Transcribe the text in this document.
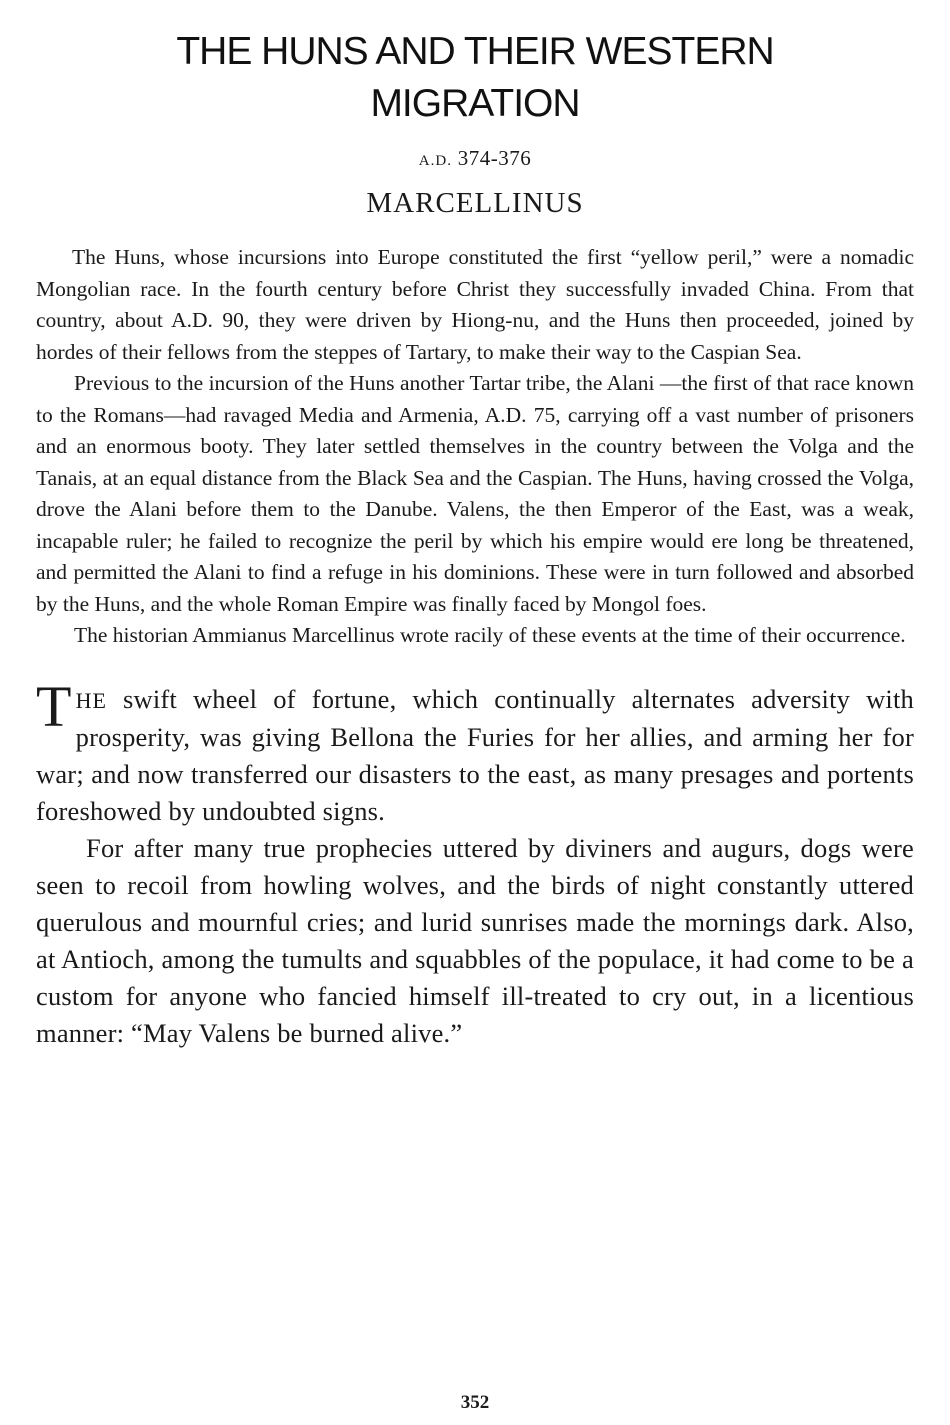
THE HUNS AND THEIR WESTERN
MIGRATION
A.D. 374-376
MARCELLINUS

The Huns, whose incursions into Europe constituted the first “yellow peril,” were a nomadic Mongolian race. In the fourth century before Christ they successfully invaded China. From that country, about A.D. 90, they were driven by Hiong-nu, and the Huns then proceeded, joined by hordes of their fellows from the steppes of Tartary, to make their way to the Caspian Sea.

Previous to the incursion of the Huns another Tartar tribe, the Alani —the first of that race known to the Romans—had ravaged Media and Armenia, A.D. 75, carrying off a vast number of prisoners and an enormous booty. They later settled themselves in the country between the Volga and the Tanais, at an equal distance from the Black Sea and the Caspian. The Huns, having crossed the Volga, drove the Alani before them to the Danube. Valens, the then Emperor of the East, was a weak, incapable ruler; he failed to recognize the peril by which his empire would ere long be threatened, and permitted the Alani to find a refuge in his dominions. These were in turn followed and absorbed by the Huns, and the whole Roman Empire was finally faced by Mongol foes.

The historian Ammianus Marcellinus wrote racily of these events at the time of their occurrence.

THE swift wheel of fortune, which continually alternates adversity with prosperity, was giving Bellona the Furies for her allies, and arming her for war; and now transferred our disasters to the east, as many presages and portents foreshowed by undoubted signs.

For after many true prophecies uttered by diviners and augurs, dogs were seen to recoil from howling wolves, and the birds of night constantly uttered querulous and mournful cries; and lurid sunrises made the mornings dark. Also, at Antioch, among the tumults and squabbles of the populace, it had come to be a custom for anyone who fancied himself ill-treated to cry out, in a licentious manner: “May Valens be burned alive.”

352
